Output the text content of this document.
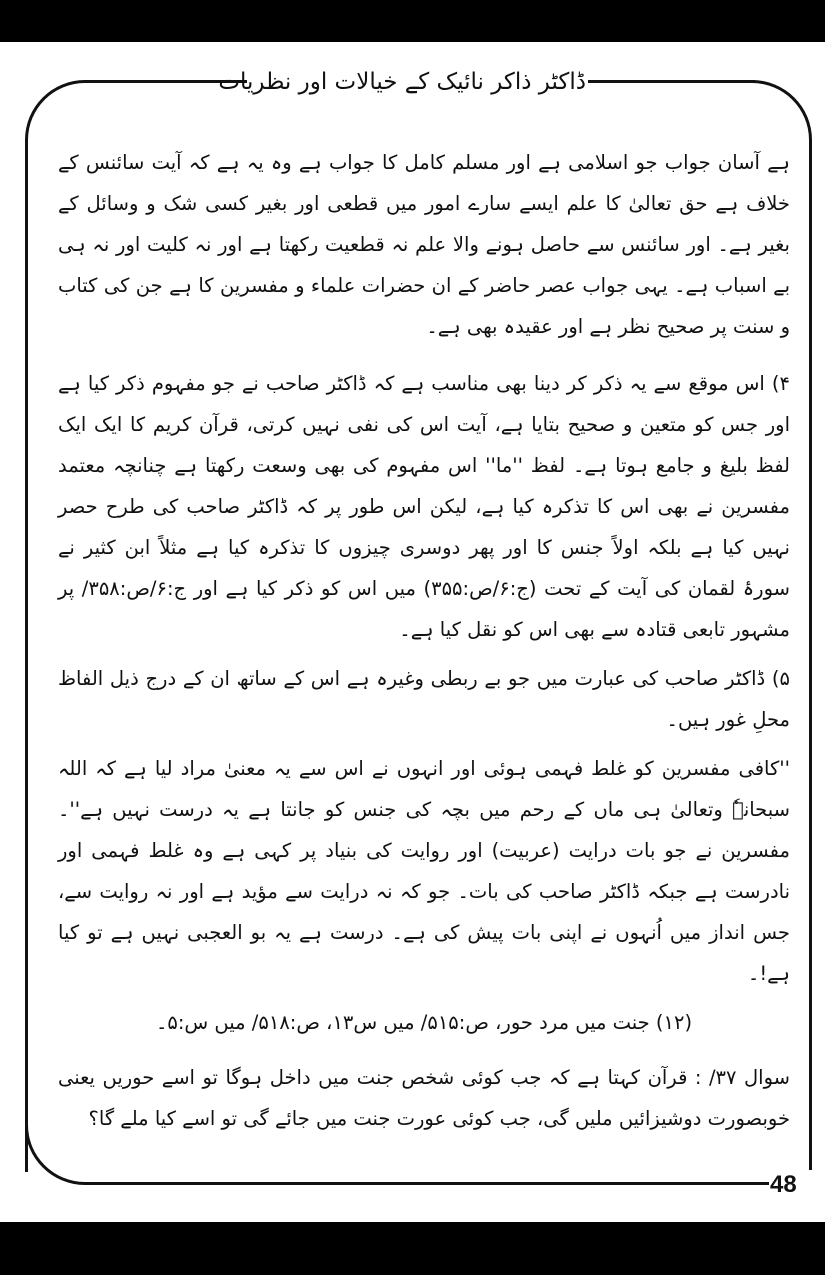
ڈاکٹر ذاکر نائیک کے خیالات اور نظریات

ہے آسان جواب جو اسلامی ہے اور مسلم کامل کا جواب ہے وہ یہ ہے کہ آیت سائنس کے خلاف ہے حق تعالیٰ کا علم ایسے سارے امور میں قطعی اور بغیر کسی شک و وسائل کے بغیر ہے۔ اور سائنس سے حاصل ہونے والا علم نہ قطعیت رکھتا ہے اور نہ کلیت اور نہ ہی بے اسباب ہے۔ یہی جواب عصر حاضر کے ان حضرات علماء و مفسرین کا ہے جن کی کتاب و سنت پر صحیح نظر ہے اور عقیدہ بھی ہے۔

۴) اس موقع سے یہ ذکر کر دینا بھی مناسب ہے کہ ڈاکٹر صاحب نے جو مفہوم ذکر کیا ہے اور جس کو متعین و صحیح بتایا ہے، آیت اس کی نفی نہیں کرتی، قرآن کریم کا ایک ایک لفظ بلیغ و جامع ہوتا ہے۔ لفظ ''ما'' اس مفہوم کی بھی وسعت رکھتا ہے چنانچہ معتمد مفسرین نے بھی اس کا تذکرہ کیا ہے، لیکن اس طور پر کہ ڈاکٹر صاحب کی طرح حصر نہیں کیا ہے بلکہ اولاً جنس کا اور پھر دوسری چیزوں کا تذکرہ کیا ہے مثلاً ابن کثیر نے سورۂ لقمان کی آیت کے تحت (ج:۶/ص:۳۵۵) میں اس کو ذکر کیا ہے اور ج:۶/ص:۳۵۸/ پر مشہور تابعی قتادہ سے بھی اس کو نقل کیا ہے۔

۵) ڈاکٹر صاحب کی عبارت میں جو بے ربطی وغیرہ ہے اس کے ساتھ ان کے درج ذیل الفاظ محلِ غور ہیں۔

''کافی مفسرین کو غلط فہمی ہوئی اور انہوں نے اس سے یہ معنیٰ مراد لیا ہے کہ اللہ سبحانہٗ وتعالیٰ ہی ماں کے رحم میں بچہ کی جنس کو جانتا ہے یہ درست نہیں ہے''۔ مفسرین نے جو بات درایت (عربیت) اور روایت کی بنیاد پر کہی ہے وہ غلط فہمی اور نادرست ہے جبکہ ڈاکٹر صاحب کی بات۔ جو کہ نہ درایت سے مؤید ہے اور نہ روایت سے، جس انداز میں اُنہوں نے اپنی بات پیش کی ہے۔ درست ہے یہ بو العجبی نہیں ہے تو کیا ہے!۔

(۱۲) جنت میں مرد حور، ص:۵۱۵/ میں س۱۳، ص:۵۱۸/ میں س:۵۔

سوال ۳۷/ : قرآن کہتا ہے کہ جب کوئی شخص جنت میں داخل ہوگا تو اسے حوریں یعنی خوبصورت دوشیزائیں ملیں گی، جب کوئی عورت جنت میں جائے گی تو اسے کیا ملے گا؟

48
